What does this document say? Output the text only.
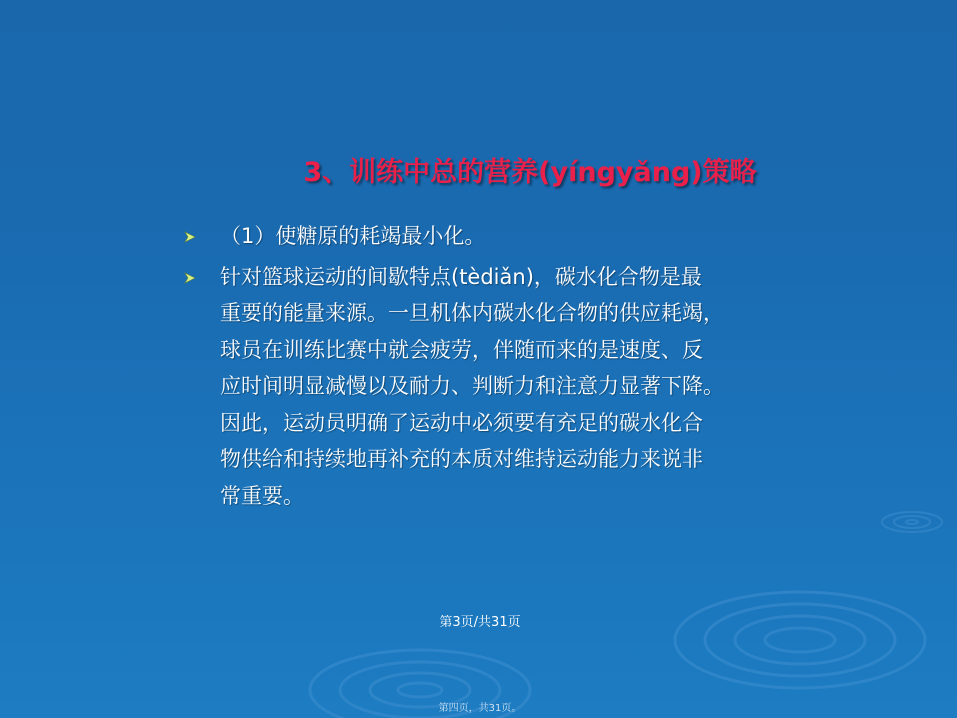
3、训练中总的营养(yíngyǎng)策略
（1）使糖原的耗竭最小化。
针对篮球运动的间歇特点(tèdiǎn)，碳水化合物是最
重要的能量来源。一旦机体内碳水化合物的供应耗竭，
球员在训练比赛中就会疲劳，伴随而来的是速度、反
应时间明显减慢以及耐力、判断力和注意力显著下降。
因此，运动员明确了运动中必须要有充足的碳水化合
物供给和持续地再补充的本质对维持运动能力来说非
常重要。
第3页/共31页
第四页，共31页。
